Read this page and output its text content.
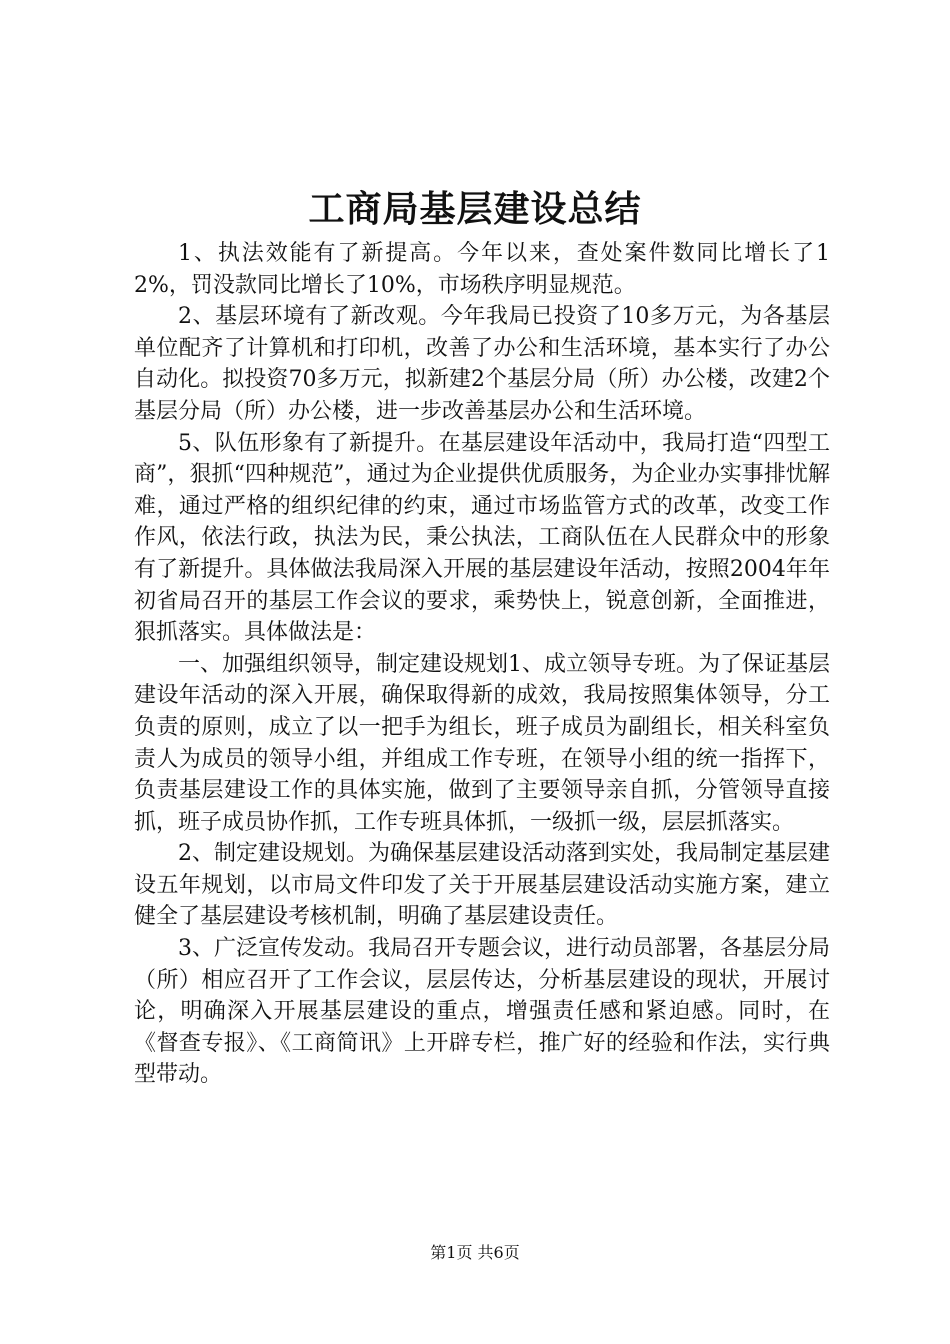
工商局基层建设总结

1、执法效能有了新提高。今年以来，查处案件数同比增长了12%，罚没款同比增长了10%，市场秩序明显规范。

2、基层环境有了新改观。今年我局已投资了10多万元，为各基层单位配齐了计算机和打印机，改善了办公和生活环境，基本实行了办公自动化。拟投资70多万元，拟新建2个基层分局（所）办公楼，改建2个基层分局（所）办公楼，进一步改善基层办公和生活环境。

5、队伍形象有了新提升。在基层建设年活动中，我局打造“四型工商”，狠抓“四种规范”，通过为企业提供优质服务，为企业办实事排忧解难，通过严格的组织纪律的约束，通过市场监管方式的改革，改变工作作风，依法行政，执法为民，秉公执法，工商队伍在人民群众中的形象有了新提升。具体做法我局深入开展的基层建设年活动，按照2004年年初省局召开的基层工作会议的要求，乘势快上，锐意创新，全面推进，狠抓落实。具体做法是：

一、加强组织领导，制定建设规划1、成立领导专班。为了保证基层建设年活动的深入开展，确保取得新的成效，我局按照集体领导，分工负责的原则，成立了以一把手为组长，班子成员为副组长，相关科室负责人为成员的领导小组，并组成工作专班，在领导小组的统一指挥下，负责基层建设工作的具体实施，做到了主要领导亲自抓，分管领导直接抓，班子成员协作抓，工作专班具体抓，一级抓一级，层层抓落实。

2、制定建设规划。为确保基层建设活动落到实处，我局制定基层建设五年规划，以市局文件印发了关于开展基层建设活动实施方案，建立健全了基层建设考核机制，明确了基层建设责任。

3、广泛宣传发动。我局召开专题会议，进行动员部署，各基层分局（所）相应召开了工作会议，层层传达，分析基层建设的现状，开展讨论，明确深入开展基层建设的重点，增强责任感和紧迫感。同时，在《督查专报》、《工商简讯》上开辟专栏，推广好的经验和作法，实行典型带动。

第1页 共6页
